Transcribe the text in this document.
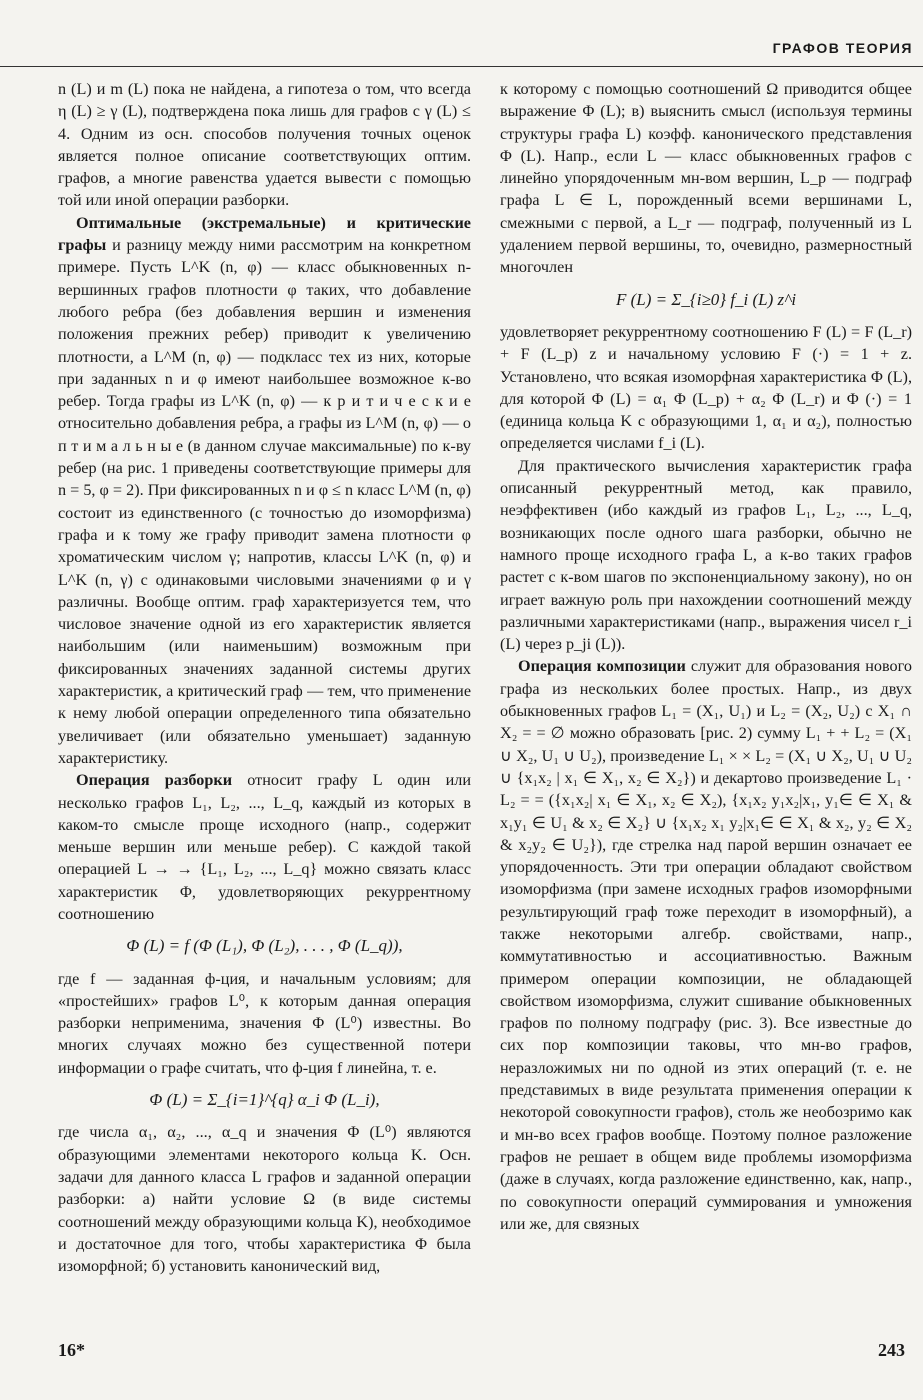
ГРАФОВ ТЕОРИЯ

n (L) и m (L) пока не найдена, а гипотеза о том, что всегда η (L) ≥ γ (L), подтверждена пока лишь для графов с γ (L) ≤ 4. Одним из осн. способов получения точных оценок является полное описание соответствующих оптим. графов, а многие равенства удается вывести с помощью той или иной операции разборки.

Оптимальные (экстремальные) и критические графы и разницу между ними рассмотрим на конкретном примере. Пусть L^K (n, φ) — класс обыкновенных n-вершинных графов плотности φ таких, что добавление любого ребра (без добавления вершин и изменения положения прежних ребер) приводит к увеличению плотности, а L^M (n, φ) — подкласс тех из них, которые при заданных n и φ имеют наибольшее возможное к-во ребер. Тогда графы из L^K (n, φ) — к р и т и ч е с к и е относительно добавления ребра, а графы из L^M (n, φ) — о п т и м а л ь н ы е (в данном случае максимальные) по к-ву ребер (на рис. 1 приведены соответствующие примеры для n = 5, φ = 2). При фиксированных n и φ ≤ n класс L^M (n, φ) состоит из единственного (с точностью до изоморфизма) графа и к тому же графу приводит замена плотности φ хроматическим числом γ; напротив, классы L^K (n, φ) и L^K (n, γ) с одинаковыми числовыми значениями φ и γ различны. Вообще оптим. граф характеризуется тем, что числовое значение одной из его характеристик является наибольшим (или наименьшим) возможным при фиксированных значениях заданной системы других характеристик, а критический граф — тем, что применение к нему любой операции определенного типа обязательно увеличивает (или обязательно уменьшает) заданную характеристику.

Операция разборки относит графу L один или несколько графов L₁, L₂, ..., L_q, каждый из которых в каком-то смысле проще исходного (напр., содержит меньше вершин или меньше ребер). С каждой такой операцией L → → {L₁, L₂, ..., L_q} можно связать класс характеристик Φ, удовлетворяющих рекуррентному соотношению

Φ (L) = f (Φ (L₁), Φ (L₂), . . . , Φ (L_q)),

где f — заданная ф-ция, и начальным условиям; для «простейших» графов L⁰, к которым данная операция разборки неприменима, значения Φ (L⁰) известны. Во многих случаях можно без существенной потери информации о графе считать, что ф-ция f линейна, т. е.

Φ (L) = Σ_{i=1}^{q} α_i Φ (L_i),

где числа α₁, α₂, ..., α_q и значения Φ (L⁰) являются образующими элементами некоторого кольца K. Осн. задачи для данного класса L графов и заданной операции разборки: а) найти условие Ω (в виде системы соотношений между образующими кольца K), необходимое и достаточное для того, чтобы характеристика Φ была изоморфной; б) установить канонический вид,

к которому с помощью соотношений Ω приводится общее выражение Φ (L); в) выяснить смысл (используя термины структуры графа L) коэфф. канонического представления Φ (L). Напр., если L — класс обыкновенных графов с линейно упорядоченным мн-вом вершин, L_p — подграф графа L ∈ L, порожденный всеми вершинами L, смежными с первой, а L_r — подграф, полученный из L удалением первой вершины, то, очевидно, размерностный многочлен

F (L) = Σ_{i≥0} f_i (L) z^i

удовлетворяет рекуррентному соотношению F (L) = F (L_r) + F (L_p) z и начальному условию F (·) = 1 + z. Установлено, что всякая изоморфная характеристика Φ (L), для которой Φ (L) = α₁ Φ (L_p) + α₂ Φ (L_r) и Φ (·) = 1 (единица кольца K с образующими 1, α₁ и α₂), полностью определяется числами f_i (L).

Для практического вычисления характеристик графа описанный рекуррентный метод, как правило, неэффективен (ибо каждый из графов L₁, L₂, ..., L_q, возникающих после одного шага разборки, обычно не намного проще исходного графа L, а к-во таких графов растет с к-вом шагов по экспоненциальному закону), но он играет важную роль при нахождении соотношений между различными характеристиками (напр., выражения чисел r_i (L) через p_ji (L)).

Операция композиции служит для образования нового графа из нескольких более простых. Напр., из двух обыкновенных графов L₁ = (X₁, U₁) и L₂ = (X₂, U₂) с X₁ ∩ X₂ = = ∅ можно образовать [рис. 2) сумму L₁ + + L₂ = (X₁ ∪ X₂, U₁ ∪ U₂), произведение L₁ × × L₂ = (X₁ ∪ X₂, U₁ ∪ U₂ ∪ {x₁x₂ | x₁ ∈ X₁, x₂ ∈ X₂}) и декартово произведение L₁ · L₂ = = ({x₁x₂| x₁ ∈ X₁, x₂ ∈ X₂), {x₁x₂ y₁x₂|x₁, y₁∈ ∈ X₁ & x₁y₁ ∈ U₁ & x₂ ∈ X₂} ∪ {x₁x₂ x₁ y₂|x₁∈ ∈ X₁ & x₂, y₂ ∈ X₂ & x₂y₂ ∈ U₂}), где стрелка над парой вершин означает ее упорядоченность. Эти три операции обладают свойством изоморфизма (при замене исходных графов изоморфными результирующий граф тоже переходит в изоморфный), а также некоторыми алгебр. свойствами, напр., коммутативностью и ассоциативностью. Важным примером операции композиции, не обладающей свойством изоморфизма, служит сшивание обыкновенных графов по полному подграфу (рис. 3). Все известные до сих пор композиции таковы, что мн-во графов, неразложимых ни по одной из этих операций (т. е. не представимых в виде результата применения операции к некоторой совокупности графов), столь же необозримо как и мн-во всех графов вообще. Поэтому полное разложение графов не решает в общем виде проблемы изоморфизма (даже в случаях, когда разложение единственно, как, напр., по совокупности операций суммирования и умножения или же, для связных

16*	243
